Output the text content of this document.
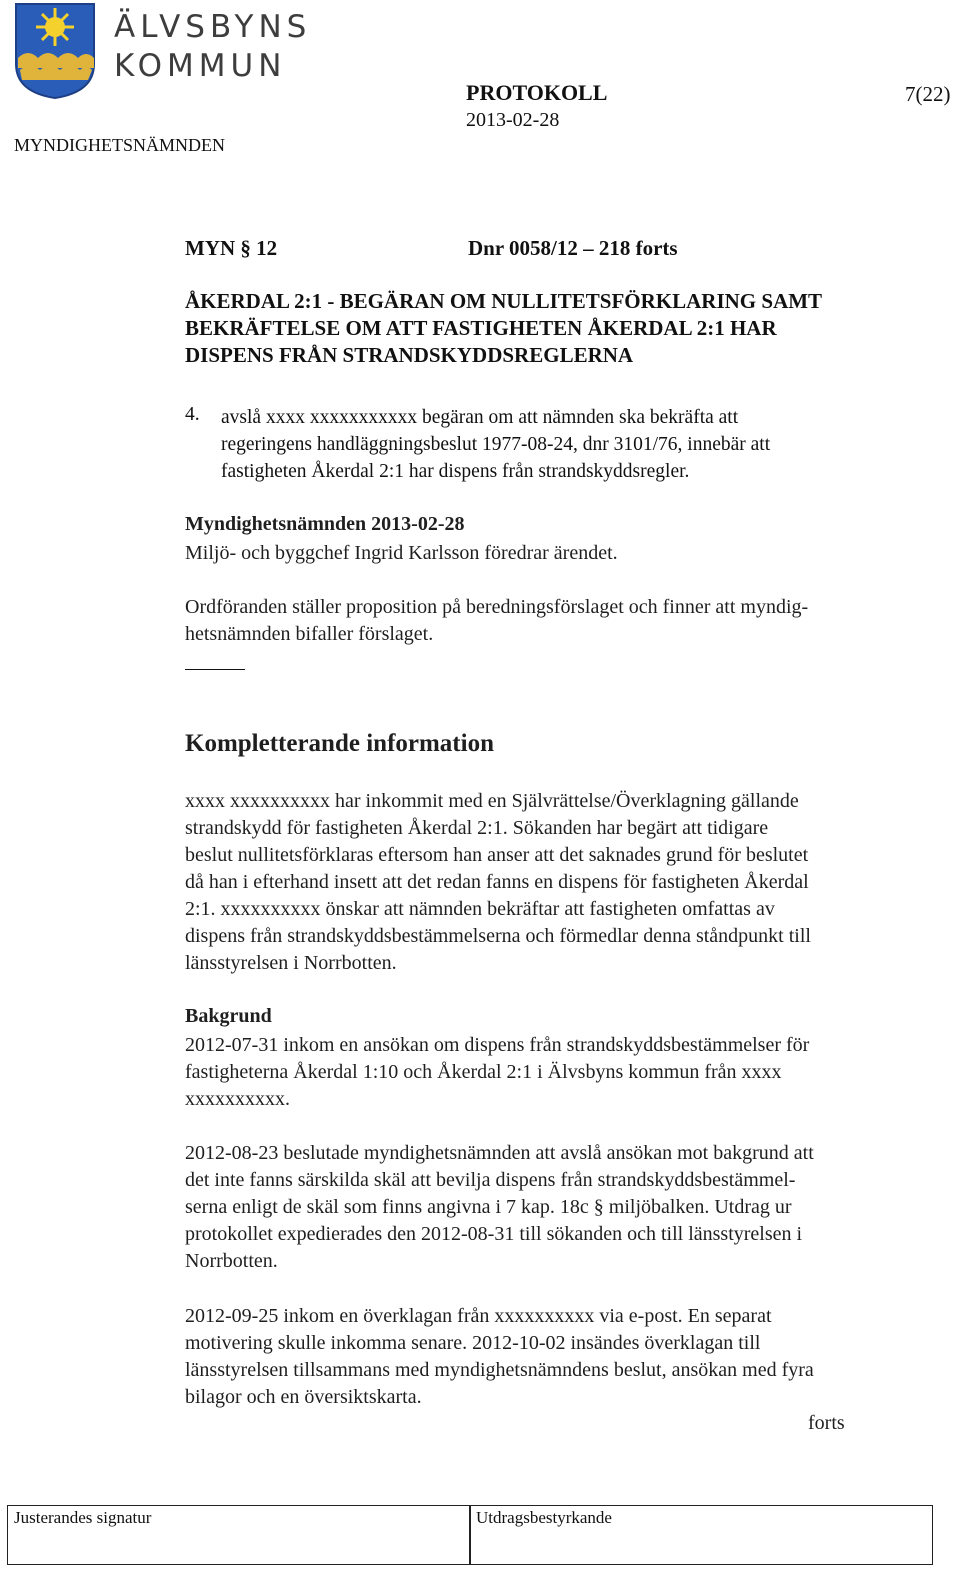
ÄLVSBYNS
KOMMUN
PROTOKOLL	7(22)
2013-02-28
MYNDIGHETSNÄMNDEN
MYN § 12	Dnr 0058/12 – 218 forts
ÅKERDAL 2:1 - BEGÄRAN OM NULLITETSFÖRKLARING SAMT
BEKRÄFTELSE OM ATT FASTIGHETEN ÅKERDAL 2:1 HAR
DISPENS FRÅN STRANDSKYDDSREGLERNA
4. avslå xxxx xxxxxxxxxxx begäran om att nämnden ska bekräfta att
regeringens handläggningsbeslut 1977-08-24, dnr 3101/76, innebär att
fastigheten Åkerdal 2:1 har dispens från strandskyddsregler.
Myndighetsnämnden 2013-02-28
Miljö- och byggchef Ingrid Karlsson föredrar ärendet.
Ordföranden ställer proposition på beredningsförslaget och finner att myndig-
hetsnämnden bifaller förslaget.
Kompletterande information
xxxx xxxxxxxxxx har inkommit med en Självrättelse/Överklagning gällande
strandskydd för fastigheten Åkerdal 2:1. Sökanden har begärt att tidigare
beslut nullitetsförklaras eftersom han anser att det saknades grund för beslutet
då han i efterhand insett att det redan fanns en dispens för fastigheten Åkerdal
2:1. xxxxxxxxxx önskar att nämnden bekräftar att fastigheten omfattas av
dispens från strandskyddsbestämmelserna och förmedlar denna ståndpunkt till
länsstyrelsen i Norrbotten.
Bakgrund
2012-07-31 inkom en ansökan om dispens från strandskyddsbestämmelser för
fastigheterna Åkerdal 1:10 och Åkerdal 2:1 i Älvsbyns kommun från xxxx
xxxxxxxxxx.
2012-08-23 beslutade myndighetsnämnden att avslå ansökan mot bakgrund att
det inte fanns särskilda skäl att bevilja dispens från strandskyddsbestämmel-
serna enligt de skäl som finns angivna i 7 kap. 18c § miljöbalken. Utdrag ur
protokollet expedierades den 2012-08-31 till sökanden och till länsstyrelsen i
Norrbotten.
2012-09-25 inkom en överklagan från xxxxxxxxxx via e-post. En separat
motivering skulle inkomma senare. 2012-10-02 insändes överklagan till
länsstyrelsen tillsammans med myndighetsnämndens beslut, ansökan med fyra
bilagor och en översiktskarta.
forts
Justerandes signatur	Utdragsbestyrkande
